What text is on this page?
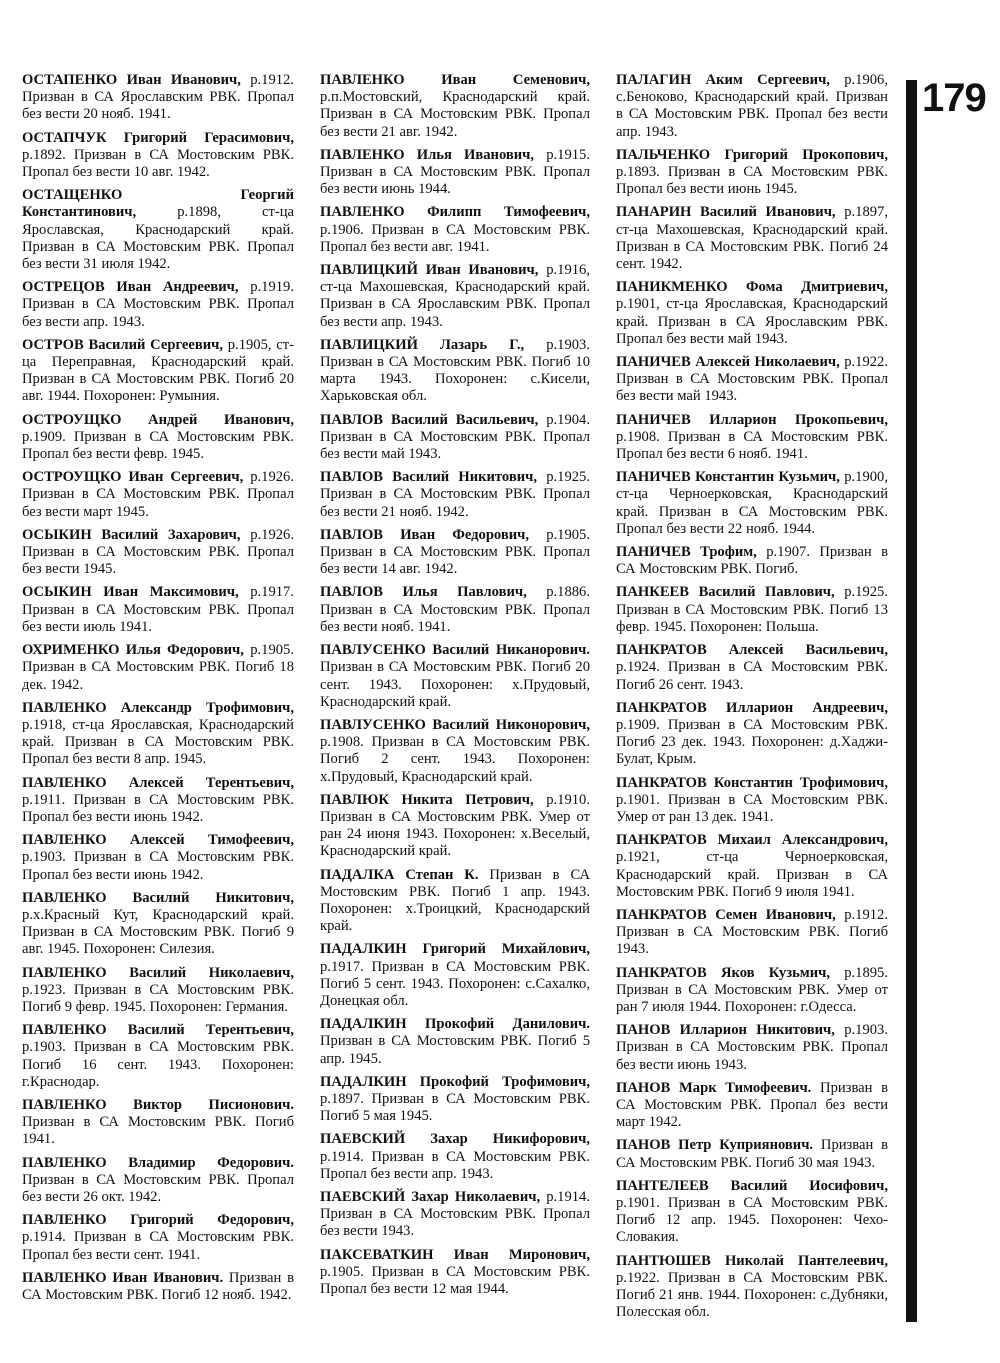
179

ОСТАПЕНКО Иван Иванович, р.1912. Призван в СА Ярославским РВК. Пропал без вести 20 нояб. 1941.

ОСТАПЧУК Григорий Герасимович, р.1892. Призван в СА Мостовским РВК. Пропал без вести 10 авг. 1942.

ОСТАЩЕНКО Георгий Константинович, р.1898, ст-ца Ярославская, Краснодарский край. Призван в СА Мостовским РВК. Пропал без вести 31 июля 1942.

ОСТРЕЦОВ Иван Андреевич, р.1919. Призван в СА Мостовским РВК. Пропал без вести апр. 1943.

ОСТРОВ Василий Сергеевич, р.1905, ст-ца Переправная, Краснодарский край. Призван в СА Мостовским РВК. Погиб 20 авг. 1944. Похоронен: Румыния.

ОСТРОУЩКО Андрей Иванович, р.1909. Призван в СА Мостовским РВК. Пропал без вести февр. 1945.

ОСТРОУЩКО Иван Сергеевич, р.1926. Призван в СА Мостовским РВК. Пропал без вести март 1945.

ОСЫКИН Василий Захарович, р.1926. Призван в СА Мостовским РВК. Пропал без вести 1945.

ОСЫКИН Иван Максимович, р.1917. Призван в СА Мостовским РВК. Пропал без вести июль 1941.

ОХРИМЕНКО Илья Федорович, р.1905. Призван в СА Мостовским РВК. Погиб 18 дек. 1942.

ПАВЛЕНКО Александр Трофимович, р.1918, ст-ца Ярославская, Краснодарский край. Призван в СА Мостовским РВК. Пропал без вести 8 апр. 1945.

ПАВЛЕНКО Алексей Терентьевич, р.1911. Призван в СА Мостовским РВК. Пропал без вести июнь 1942.

ПАВЛЕНКО Алексей Тимофеевич, р.1903. Призван в СА Мостовским РВК. Пропал без вести июнь 1942.

ПАВЛЕНКО Василий Никитович, р.х.Красный Кут, Краснодарский край. Призван в СА Мостовским РВК. Погиб 9 авг. 1945. Похоронен: Силезия.

ПАВЛЕНКО Василий Николаевич, р.1923. Призван в СА Мостовским РВК. Погиб 9 февр. 1945. Похоронен: Германия.

ПАВЛЕНКО Василий Терентьевич, р.1903. Призван в СА Мостовским РВК. Погиб 16 сент. 1943. Похоронен: г.Краснодар.

ПАВЛЕНКО Виктор Писионович. Призван в СА Мостовским РВК. Погиб 1941.

ПАВЛЕНКО Владимир Федорович. Призван в СА Мостовским РВК. Пропал без вести 26 окт. 1942.

ПАВЛЕНКО Григорий Федорович, р.1914. Призван в СА Мостовским РВК. Пропал без вести сент. 1941.

ПАВЛЕНКО Иван Иванович. Призван в СА Мостовским РВК. Погиб 12 нояб. 1942.

ПАВЛЕНКО Иван Семенович, р.п.Мостовский, Краснодарский край. Призван в СА Мостовским РВК. Пропал без вести 21 авг. 1942.

ПАВЛЕНКО Илья Иванович, р.1915. Призван в СА Мостовским РВК. Пропал без вести июнь 1944.

ПАВЛЕНКО Филипп Тимофеевич, р.1906. Призван в СА Мостовским РВК. Пропал без вести авг. 1941.

ПАВЛИЦКИЙ Иван Иванович, р.1916, ст-ца Махошевская, Краснодарский край. Призван в СА Ярославским РВК. Пропал без вести апр. 1943.

ПАВЛИЦКИЙ Лазарь Г., р.1903. Призван в СА Мостовским РВК. Погиб 10 марта 1943. Похоронен: с.Кисели, Харьковская обл.

ПАВЛОВ Василий Васильевич, р.1904. Призван в СА Мостовским РВК. Пропал без вести май 1943.

ПАВЛОВ Василий Никитович, р.1925. Призван в СА Мостовским РВК. Пропал без вести 21 нояб. 1942.

ПАВЛОВ Иван Федорович, р.1905. Призван в СА Мостовским РВК. Пропал без вести 14 авг. 1942.

ПАВЛОВ Илья Павлович, р.1886. Призван в СА Мостовским РВК. Пропал без вести нояб. 1941.

ПАВЛУСЕНКО Василий Никанорович. Призван в СА Мостовским РВК. Погиб 20 сент. 1943. Похоронен: х.Прудовый, Краснодарский край.

ПАВЛУСЕНКО Василий Никонорович, р.1908. Призван в СА Мостовским РВК. Погиб 2 сент. 1943. Похоронен: х.Прудовый, Краснодарский край.

ПАВЛЮК Никита Петрович, р.1910. Призван в СА Мостовским РВК. Умер от ран 24 июня 1943. Похоронен: х.Веселый, Краснодарский край.

ПАДАЛКА Степан К. Призван в СА Мостовским РВК. Погиб 1 апр. 1943. Похоронен: х.Троицкий, Краснодарский край.

ПАДАЛКИН Григорий Михайлович, р.1917. Призван в СА Мостовским РВК. Погиб 5 сент. 1943. Похоронен: с.Сахалко, Донецкая обл.

ПАДАЛКИН Прокофий Данилович. Призван в СА Мостовским РВК. Погиб 5 апр. 1945.

ПАДАЛКИН Прокофий Трофимович, р.1897. Призван в СА Мостовским РВК. Погиб 5 мая 1945.

ПАЕВСКИЙ Захар Никифорович, р.1914. Призван в СА Мостовским РВК. Пропал без вести апр. 1943.

ПАЕВСКИЙ Захар Николаевич, р.1914. Призван в СА Мостовским РВК. Пропал без вести 1943.

ПАКСЕВАТКИН Иван Миронович, р.1905. Призван в СА Мостовским РВК. Пропал без вести 12 мая 1944.

ПАЛАГИН Аким Сергеевич, р.1906, с.Беноково, Краснодарский край. Призван в СА Мостовским РВК. Пропал без вести апр. 1943.

ПАЛЬЧЕНКО Григорий Прокопович, р.1893. Призван в СА Мостовским РВК. Пропал без вести июнь 1945.

ПАНАРИН Василий Иванович, р.1897, ст-ца Махошевская, Краснодарский край. Призван в СА Мостовским РВК. Погиб 24 сент. 1942.

ПАНИКМЕНКО Фома Дмитриевич, р.1901, ст-ца Ярославская, Краснодарский край. Призван в СА Ярославским РВК. Пропал без вести май 1943.

ПАНИЧЕВ Алексей Николаевич, р.1922. Призван в СА Мостовским РВК. Пропал без вести май 1943.

ПАНИЧЕВ Илларион Прокопьевич, р.1908. Призван в СА Мостовским РВК. Пропал без вести 6 нояб. 1941.

ПАНИЧЕВ Константин Кузьмич, р.1900, ст-ца Черноерковская, Краснодарский край. Призван в СА Мостовским РВК. Пропал без вести 22 нояб. 1944.

ПАНИЧЕВ Трофим, р.1907. Призван в СА Мостовским РВК. Погиб.

ПАНКЕЕВ Василий Павлович, р.1925. Призван в СА Мостовским РВК. Погиб 13 февр. 1945. Похоронен: Польша.

ПАНКРАТОВ Алексей Васильевич, р.1924. Призван в СА Мостовским РВК. Погиб 26 сент. 1943.

ПАНКРАТОВ Илларион Андреевич, р.1909. Призван в СА Мостовским РВК. Погиб 23 дек. 1943. Похоронен: д.Хаджи-Булат, Крым.

ПАНКРАТОВ Константин Трофимович, р.1901. Призван в СА Мостовским РВК. Умер от ран 13 дек. 1941.

ПАНКРАТОВ Михаил Александрович, р.1921, ст-ца Черноерковская, Краснодарский край. Призван в СА Мостовским РВК. Погиб 9 июля 1941.

ПАНКРАТОВ Семен Иванович, р.1912. Призван в СА Мостовским РВК. Погиб 1943.

ПАНКРАТОВ Яков Кузьмич, р.1895. Призван в СА Мостовским РВК. Умер от ран 7 июля 1944. Похоронен: г.Одесса.

ПАНОВ Илларион Никитович, р.1903. Призван в СА Мостовским РВК. Пропал без вести июнь 1943.

ПАНОВ Марк Тимофеевич. Призван в СА Мостовским РВК. Пропал без вести март 1942.

ПАНОВ Петр Куприянович. Призван в СА Мостовским РВК. Погиб 30 мая 1943.

ПАНТЕЛЕЕВ Василий Иосифович, р.1901. Призван в СА Мостовским РВК. Погиб 12 апр. 1945. Похоронен: Чехо-Словакия.

ПАНТЮШЕВ Николай Пантелеевич, р.1922. Призван в СА Мостовским РВК. Погиб 21 янв. 1944. Похоронен: с.Дубняки, Полесская обл.
